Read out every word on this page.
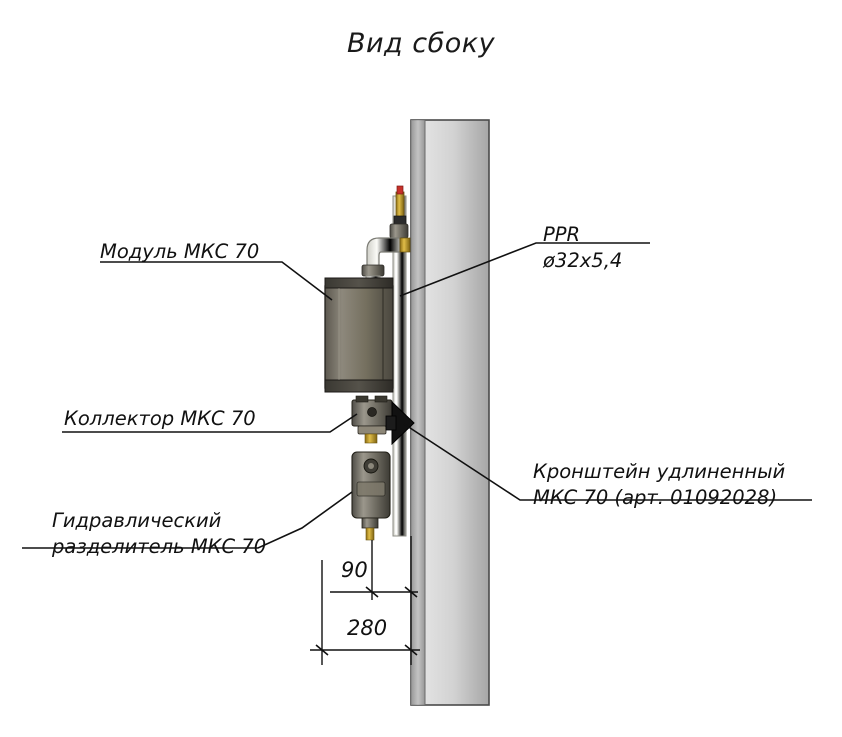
Вид сбоку
Модуль МКС 70
PPR
ø32x5,4
Коллектор МКС 70
Кронштейн удлиненный
МКС 70 (арт. 01092028)
Гидравлический
разделитель МКС 70
90
280
